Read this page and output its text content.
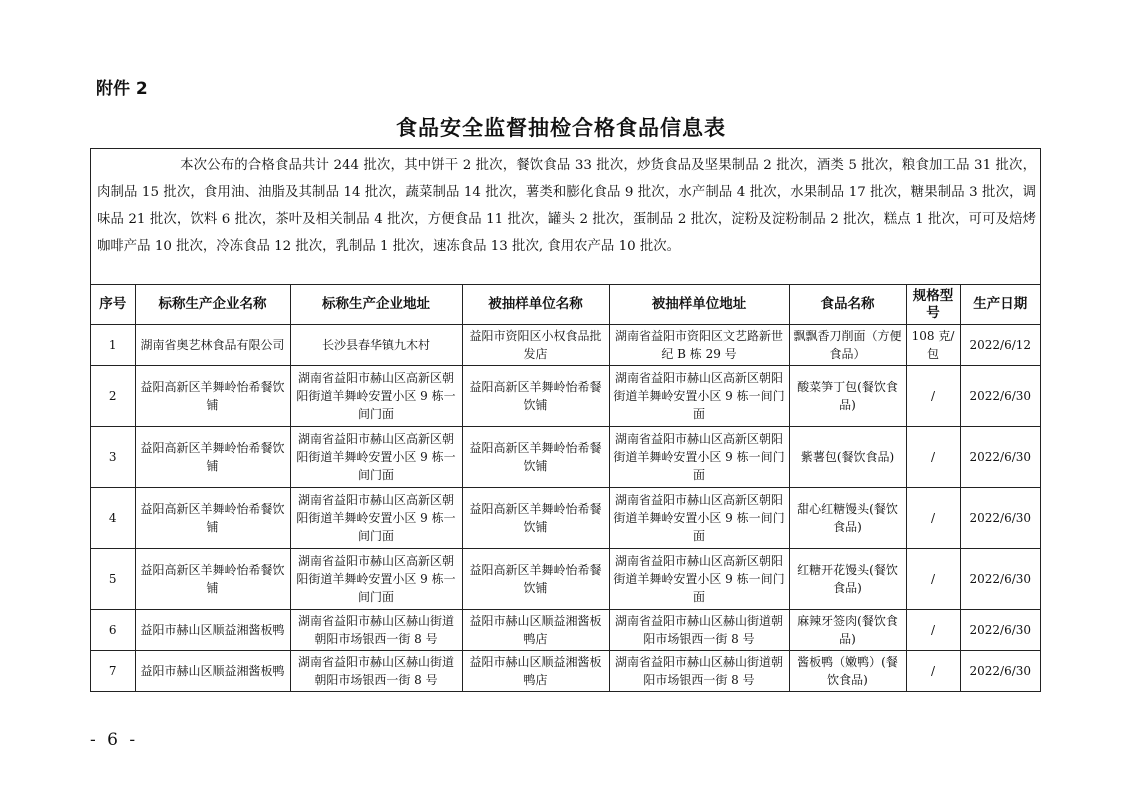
附件 2
食品安全监督抽检合格食品信息表
本次公布的合格食品共计 244 批次，其中饼干 2 批次，餐饮食品 33 批次，炒货食品及坚果制品 2 批次，酒类 5 批次，粮食加工品 31 批次，肉制品 15 批次，食用油、油脂及其制品 14 批次，蔬菜制品 14 批次，薯类和膨化食品 9 批次，水产制品 4 批次，水果制品 17 批次，糖果制品 3 批次，调味品 21 批次，饮料 6 批次，茶叶及相关制品 4 批次，方便食品 11 批次，罐头 2 批次，蛋制品 2 批次，淀粉及淀粉制品 2 批次，糕点 1 批次，可可及焙烤咖啡产品 10 批次，冷冻食品 12 批次，乳制品 1 批次，速冻食品 13 批次, 食用农产品 10 批次。
序号	标称生产企业名称	标称生产企业地址	被抽样单位名称	被抽样单位地址	食品名称	规格型号	生产日期
1	湖南省奥艺林食品有限公司	长沙县春华镇九木村	益阳市资阳区小权食品批发店	湖南省益阳市资阳区文艺路新世纪 B 栋 29 号	飘飘香刀削面（方便食品）	108 克/包	2022/6/12
2	益阳高新区羊舞岭怡希餐饮铺	湖南省益阳市赫山区高新区朝阳街道羊舞岭安置小区 9 栋一间门面	益阳高新区羊舞岭怡希餐饮铺	湖南省益阳市赫山区高新区朝阳街道羊舞岭安置小区 9 栋一间门面	酸菜笋丁包(餐饮食品)	/	2022/6/30
3	益阳高新区羊舞岭怡希餐饮铺	湖南省益阳市赫山区高新区朝阳街道羊舞岭安置小区 9 栋一间门面	益阳高新区羊舞岭怡希餐饮铺	湖南省益阳市赫山区高新区朝阳街道羊舞岭安置小区 9 栋一间门面	紫薯包(餐饮食品)	/	2022/6/30
4	益阳高新区羊舞岭怡希餐饮铺	湖南省益阳市赫山区高新区朝阳街道羊舞岭安置小区 9 栋一间门面	益阳高新区羊舞岭怡希餐饮铺	湖南省益阳市赫山区高新区朝阳街道羊舞岭安置小区 9 栋一间门面	甜心红糖馒头(餐饮食品)	/	2022/6/30
5	益阳高新区羊舞岭怡希餐饮铺	湖南省益阳市赫山区高新区朝阳街道羊舞岭安置小区 9 栋一间门面	益阳高新区羊舞岭怡希餐饮铺	湖南省益阳市赫山区高新区朝阳街道羊舞岭安置小区 9 栋一间门面	红糖开花馒头(餐饮食品)	/	2022/6/30
6	益阳市赫山区顺益湘酱板鸭	湖南省益阳市赫山区赫山街道朝阳市场银西一街 8 号	益阳市赫山区顺益湘酱板鸭店	湖南省益阳市赫山区赫山街道朝阳市场银西一街 8 号	麻辣牙签肉(餐饮食品)	/	2022/6/30
7	益阳市赫山区顺益湘酱板鸭	湖南省益阳市赫山区赫山街道朝阳市场银西一街 8 号	益阳市赫山区顺益湘酱板鸭店	湖南省益阳市赫山区赫山街道朝阳市场银西一街 8 号	酱板鸭（嫩鸭）(餐饮食品)	/	2022/6/30
- 6 -
